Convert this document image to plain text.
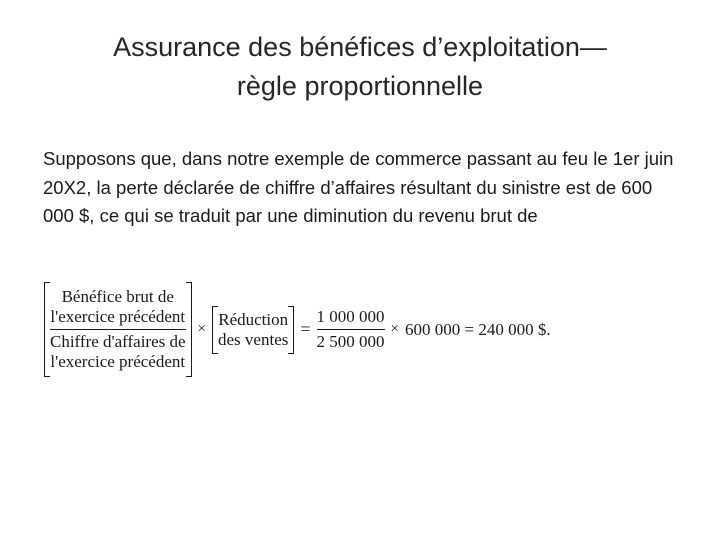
Assurance des bénéfices d’exploitation—
règle proportionnelle
Supposons que, dans notre exemple de commerce passant au feu le 1er juin 20X2, la perte déclarée de chiffre d’affaires résultant du sinistre est de 600 000 $, ce qui se traduit par une diminution du revenu brut de
Bénéfice brut de
l'exercice précédent
Chiffre d'affaires de
l'exercice précédent ×
Réduction
des ventes = $\frac{1 000 000}{2 500 000} \times 600$ 000 = 240 000 $.
